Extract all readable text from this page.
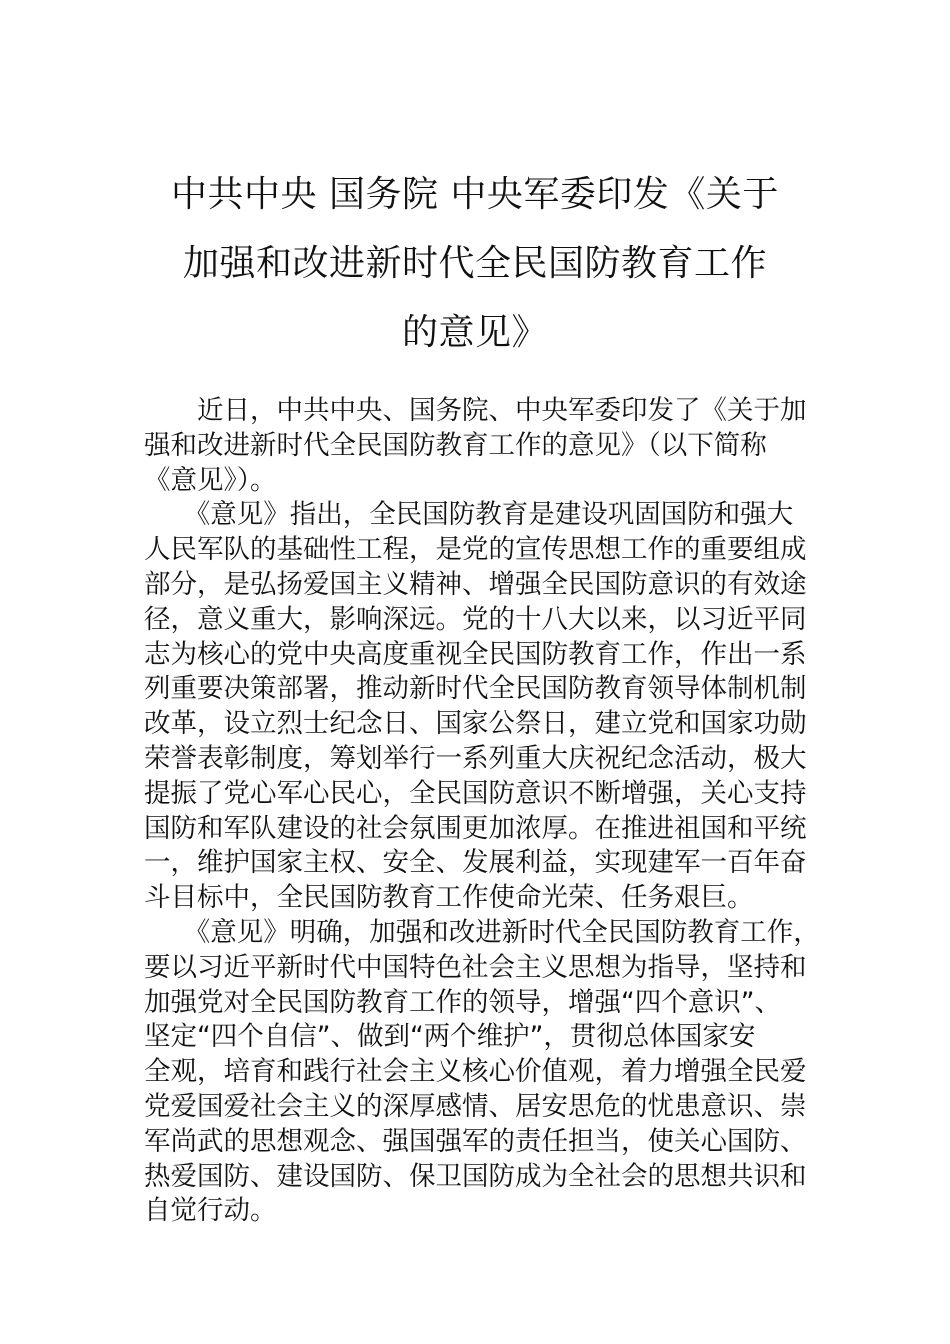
中共中央 国务院 中央军委印发《关于
加强和改进新时代全民国防教育工作
的意见》
　　近日，中共中央、国务院、中央军委印发了《关于加
强和改进新时代全民国防教育工作的意见》（以下简称
《意见》）。
　　《意见》指出，全民国防教育是建设巩固国防和强大
人民军队的基础性工程，是党的宣传思想工作的重要组成
部分，是弘扬爱国主义精神、增强全民国防意识的有效途
径，意义重大，影响深远。党的十八大以来，以习近平同
志为核心的党中央高度重视全民国防教育工作，作出一系
列重要决策部署，推动新时代全民国防教育领导体制机制
改革，设立烈士纪念日、国家公祭日，建立党和国家功勋
荣誉表彰制度，筹划举行一系列重大庆祝纪念活动，极大
提振了党心军心民心，全民国防意识不断增强，关心支持
国防和军队建设的社会氛围更加浓厚。在推进祖国和平统
一，维护国家主权、安全、发展利益，实现建军一百年奋
斗目标中，全民国防教育工作使命光荣、任务艰巨。
　　《意见》明确，加强和改进新时代全民国防教育工作，
要以习近平新时代中国特色社会主义思想为指导，坚持和
加强党对全民国防教育工作的领导，增强“四个意识”、
坚定“四个自信”、做到“两个维护”，贯彻总体国家安
全观，培育和践行社会主义核心价值观，着力增强全民爱
党爱国爱社会主义的深厚感情、居安思危的忧患意识、崇
军尚武的思想观念、强国强军的责任担当，使关心国防、
热爱国防、建设国防、保卫国防成为全社会的思想共识和
自觉行动。
